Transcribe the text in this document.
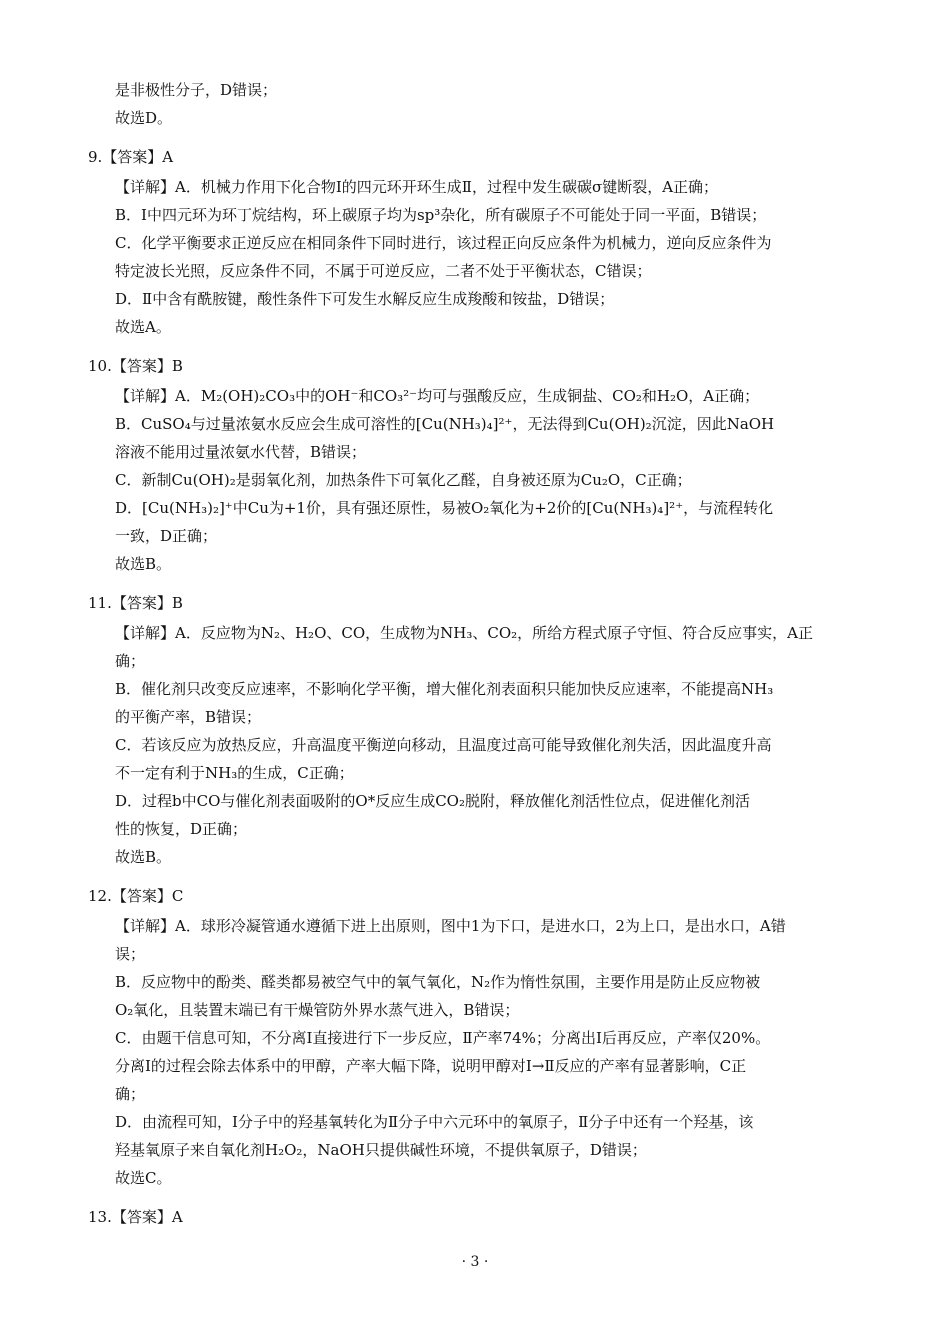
是非极性分子，D错误；
故选D。
9.【答案】A
【详解】A．机械力作用下化合物Ⅰ的四元环开环生成Ⅱ，过程中发生碳碳σ键断裂，A正确；
B．Ⅰ中四元环为环丁烷结构，环上碳原子均为sp³杂化，所有碳原子不可能处于同一平面，B错误；
C．化学平衡要求正逆反应在相同条件下同时进行，该过程正向反应条件为机械力，逆向反应条件为
特定波长光照，反应条件不同，不属于可逆反应，二者不处于平衡状态，C错误；
D．Ⅱ中含有酰胺键，酸性条件下可发生水解反应生成羧酸和铵盐，D错误；
故选A。
10.【答案】B
【详解】A．M₂(OH)₂CO₃中的OH⁻和CO₃²⁻均可与强酸反应，生成铜盐、CO₂和H₂O，A正确；
B．CuSO₄与过量浓氨水反应会生成可溶性的[Cu(NH₃)₄]²⁺，无法得到Cu(OH)₂沉淀，因此NaOH
溶液不能用过量浓氨水代替，B错误；
C．新制Cu(OH)₂是弱氧化剂，加热条件下可氧化乙醛，自身被还原为Cu₂O，C正确；
D．[Cu(NH₃)₂]⁺中Cu为+1价，具有强还原性，易被O₂氧化为+2价的[Cu(NH₃)₄]²⁺，与流程转化
一致，D正确；
故选B。
11.【答案】B
【详解】A．反应物为N₂、H₂O、CO，生成物为NH₃、CO₂，所给方程式原子守恒、符合反应事实，A正
确；
B．催化剂只改变反应速率，不影响化学平衡，增大催化剂表面积只能加快反应速率，不能提高NH₃
的平衡产率，B错误；
C．若该反应为放热反应，升高温度平衡逆向移动，且温度过高可能导致催化剂失活，因此温度升高
不一定有利于NH₃的生成，C正确；
D．过程b中CO与催化剂表面吸附的O*反应生成CO₂脱附，释放催化剂活性位点，促进催化剂活
性的恢复，D正确；
故选B。
12.【答案】C
【详解】A．球形冷凝管通水遵循下进上出原则，图中1为下口，是进水口，2为上口，是出水口，A错
误；
B．反应物中的酚类、醛类都易被空气中的氧气氧化，N₂作为惰性氛围，主要作用是防止反应物被
O₂氧化，且装置末端已有干燥管防外界水蒸气进入，B错误；
C．由题干信息可知，不分离Ⅰ直接进行下一步反应，Ⅱ产率74%；分离出Ⅰ后再反应，产率仅20%。
分离Ⅰ的过程会除去体系中的甲醇，产率大幅下降，说明甲醇对Ⅰ→Ⅱ反应的产率有显著影响，C正
确；
D．由流程可知，Ⅰ分子中的羟基氧转化为Ⅱ分子中六元环中的氧原子，Ⅱ分子中还有一个羟基，该
羟基氧原子来自氧化剂H₂O₂，NaOH只提供碱性环境，不提供氧原子，D错误；
故选C。
13.【答案】A
· 3 ·
